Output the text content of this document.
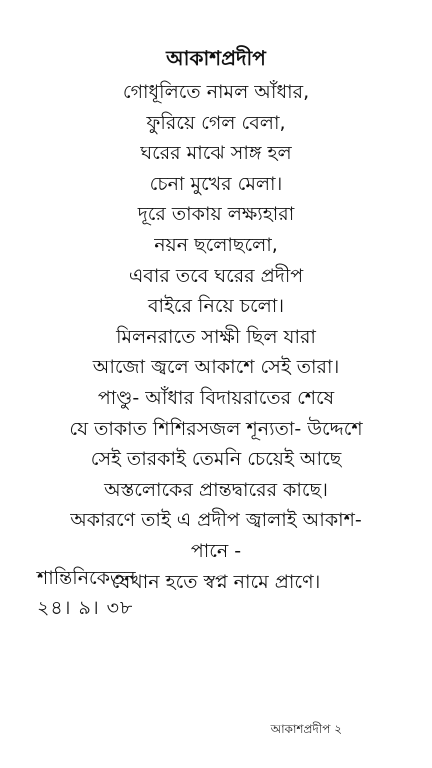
আকাশপ্রদীপ
গোধূলিতে নামল আঁধার,
ফুরিয়ে গেল বেলা,
ঘরের মাঝে সাঙ্গ হল
চেনা মুখের মেলা।
দূরে তাকায় লক্ষ্যহারা
নয়ন ছলোছলো,
এবার তবে ঘরের প্রদীপ
বাইরে নিয়ে চলো।
মিলনরাতে সাক্ষী ছিল যারা
আজো জ্বলে আকাশে সেই তারা।
পাণ্ডু- আঁধার বিদায়রাতের শেষে
যে তাকাত শিশিরসজল শূন্যতা- উদ্দেশে
সেই তারকাই তেমনি চেয়েই আছে
অস্তলোকের প্রান্তদ্বারের কাছে।
অকারণে তাই এ প্রদীপ জ্বালাই আকাশ-
পানে -
যেখান হতে স্বপ্ন নামে প্রাণে।
শান্তিনিকেতন
২৪। ৯। ৩৮
আকাশপ্রদীপ ২
